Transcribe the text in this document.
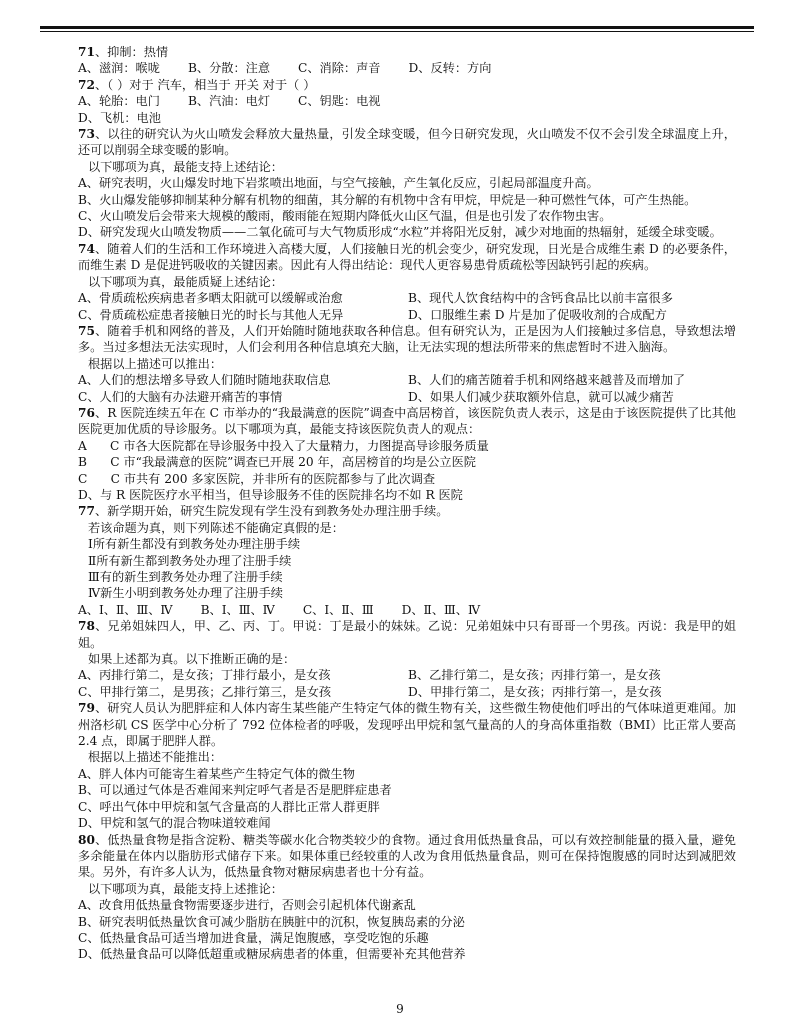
71、抑制：热情

A、滋润：喉咙 B、分散：注意 C、消除：声音 D、反转：方向

72、（ ）对于 汽车，相当于 开关 对于（ ）

A、轮胎：电门 B、汽油：电灯 C、钥匙：电视

D、飞机：电池

73、以往的研究认为火山喷发会释放大量热量，引发全球变暖，但今日研究发现，火山喷发不仅不会引发全球温度上升，还可以削弱全球变暖的影响。

以下哪项为真，最能支持上述结论：

A、研究表明，火山爆发时地下岩浆喷出地面，与空气接触，产生氧化反应，引起局部温度升高。

B、火山爆发能够抑制某种分解有机物的细菌，其分解的有机物中含有甲烷，甲烷是一种可燃性气体，可产生热能。

C、火山喷发后会带来大规模的酸雨，酸雨能在短期内降低火山区气温，但是也引发了农作物虫害。

D、研究发现火山喷发物质——二氧化硫可与大气物质形成“水粒”并将阳光反射，减少对地面的热辐射，延缓全球变暖。

74、随着人们的生活和工作环境进入高楼大厦，人们接触日光的机会变少，研究发现，日光是合成维生素 D 的必要条件，而维生素 D 是促进钙吸收的关键因素。因此有人得出结论：现代人更容易患骨质疏松等因缺钙引起的疾病。

以下哪项为真，最能质疑上述结论：

A、骨质疏松疾病患者多晒太阳就可以缓解或治愈	B、现代人饮食结构中的含钙食品比以前丰富很多
C、骨质疏松症患者接触日光的时长与其他人无异	D、口服维生素 D 片是加了促吸收剂的合成配方

75、随着手机和网络的普及，人们开始随时随地获取各种信息。但有研究认为，正是因为人们接触过多信息，导致想法增多。当过多想法无法实现时，人们会利用各种信息填充大脑，让无法实现的想法所带来的焦虑暂时不进入脑海。

根据以上描述可以推出：

A、人们的想法增多导致人们随时随地获取信息	B、人们的痛苦随着手机和网络越来越普及而增加了
C、人们的大脑有办法避开痛苦的事情	D、如果人们减少获取额外信息，就可以减少痛苦

76、R 医院连续五年在 C 市举办的“我最满意的医院”调查中高居榜首，该医院负责人表示，这是由于该医院提供了比其他医院更加优质的导诊服务。以下哪项为真，最能支持该医院负责人的观点：

A      C 市各大医院都在导诊服务中投入了大量精力，力图提高导诊服务质量

B      C 市“我最满意的医院”调查已开展 20 年，高居榜首的均是公立医院

C      C 市共有 200 多家医院，并非所有的医院都参与了此次调查

D、与 R 医院医疗水平相当，但导诊服务不佳的医院排名均不如 R 医院

77、新学期开始，研究生院发现有学生没有到教务处办理注册手续。

若该命题为真，则下列陈述不能确定真假的是：

Ⅰ所有新生都没有到教务处办理注册手续

Ⅱ所有新生都到教务处办理了注册手续

Ⅲ有的新生到教务处办理了注册手续

Ⅳ新生小明到教务处办理了注册手续

A、Ⅰ、Ⅱ、Ⅲ、Ⅳ B、Ⅰ、Ⅲ、Ⅳ C、Ⅰ、Ⅱ、Ⅲ D、Ⅱ、Ⅲ、Ⅳ

78、兄弟姐妹四人，甲、乙、丙、丁。甲说：丁是最小的妹妹。乙说：兄弟姐妹中只有哥哥一个男孩。丙说：我是甲的姐姐。

如果上述都为真。以下推断正确的是：

A、丙排行第二，是女孩；丁排行最小，是女孩	B、乙排行第二，是女孩；丙排行第一，是女孩
C、甲排行第二，是男孩；乙排行第三，是女孩	D、甲排行第二，是女孩；丙排行第一，是女孩

79、研究人员认为肥胖症和人体内寄生某些能产生特定气体的微生物有关，这些微生物使他们呼出的气体味道更难闻。加州洛杉矶 CS 医学中心分析了 792 位体检者的呼吸，发现呼出甲烷和氢气量高的人的身高体重指数（BMI）比正常人要高 2.4 点，即属于肥胖人群。

根据以上描述不能推出：

A、胖人体内可能寄生着某些产生特定气体的微生物

B、可以通过气体是否难闻来判定呼气者是否是肥胖症患者

C、呼出气体中甲烷和氢气含量高的人群比正常人群更胖

D、甲烷和氢气的混合物味道较难闻

80、低热量食物是指含淀粉、糖类等碳水化合物类较少的食物。通过食用低热量食品，可以有效控制能量的摄入量，避免多余能量在体内以脂肪形式储存下来。如果体重已经较重的人改为食用低热量食品，则可在保持饱腹感的同时达到减肥效果。另外，有许多人认为，低热量食物对糖尿病患者也十分有益。

以下哪项为真，最能支持上述推论：

A、改食用低热量食物需要逐步进行，否则会引起机体代谢紊乱

B、研究表明低热量饮食可减少脂肪在胰脏中的沉积，恢复胰岛素的分泌

C、低热量食品可适当增加进食量，满足饱腹感，享受吃饱的乐趣

D、低热量食品可以降低超重或糖尿病患者的体重，但需要补充其他营养

9
